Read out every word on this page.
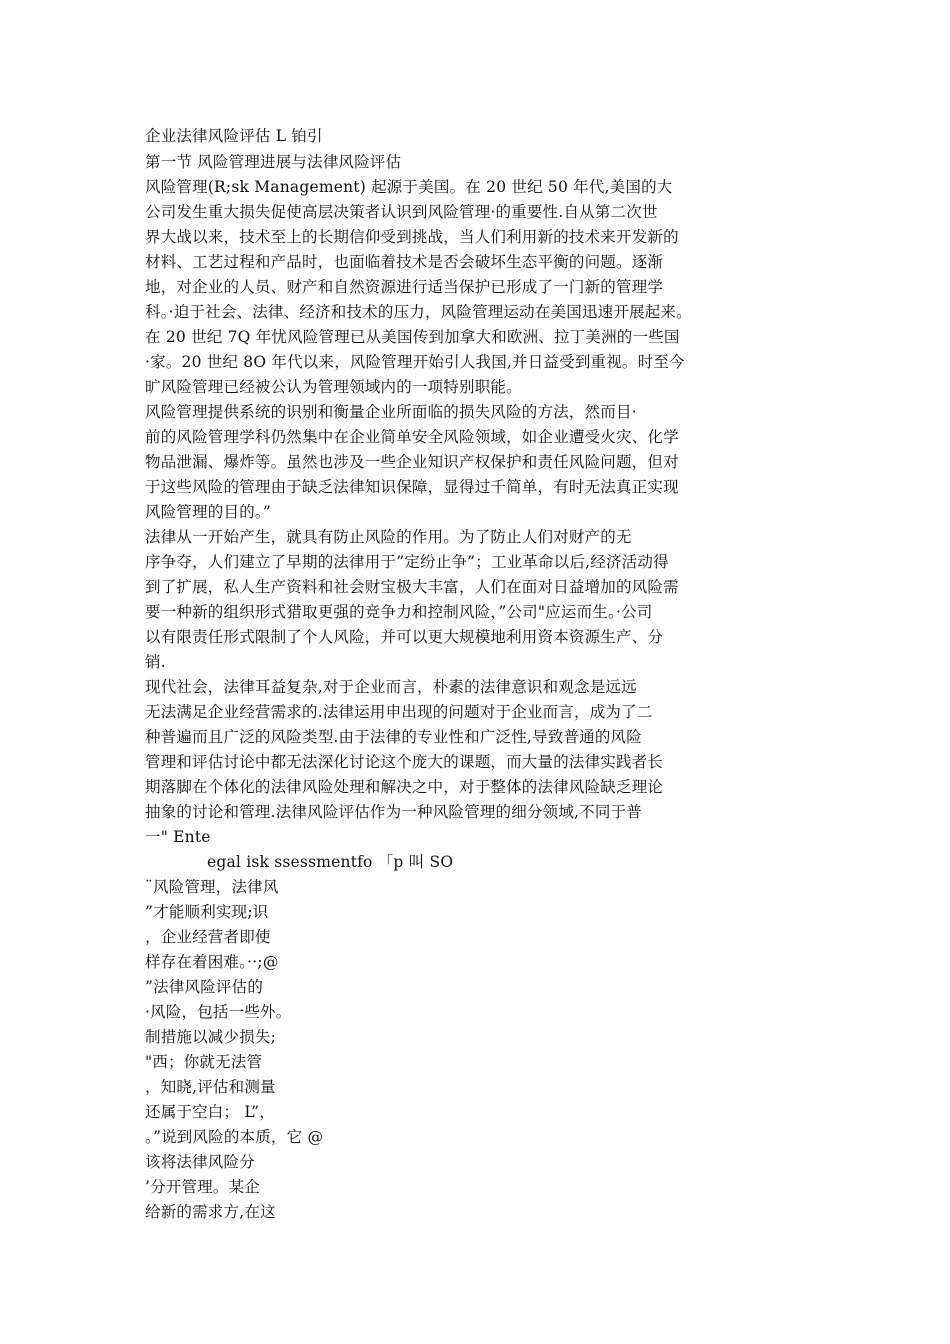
企业法律风险评估 L 铂引
第一节 风险管理进展与法律风险评估
风险管理(R;sk Management) 起源于美国。在 20 世纪 50 年代,美国的大
公司发生重大损失促使高层决策者认识到风险管理·的重要性.自从第二次世
界大战以来，技术至上的长期信仰受到挑战，当人们利用新的技术来开发新的
材料、工艺过程和产品时，也面临着技术是否会破坏生态平衡的问题。逐渐
地，对企业的人员、财产和自然资源进行适当保护已形成了一门新的管理学
科。·迫于社会、法律、经济和技术的压力，风险管理运动在美国迅速开展起来。
在 20 世纪 7Q 年忧风险管理已从美国传到加拿大和欧洲、拉丁美洲的一些国
·家。20 世纪 8O 年代以来，风险管理开始引人我国,并日益受到重视。时至今
旷风险管理已经被公认为管理领域内的一项特别职能。
风险管理提供系统的识别和衡量企业所面临的损失风险的方法，然而目·
前的风险管理学科仍然集中在企业简单安全风险领域，如企业遭受火灾、化学
物品泄漏、爆炸等。虽然也涉及一些企业知识产权保护和责任风险问题，但对
于这些风险的管理由于缺乏法律知识保障，显得过千简单，有时无法真正实现
风险管理的目的。”
法律从一开始产生，就具有防止风险的作用。为了防止人们对财产的无
序争夺，人们建立了早期的法律用于”定纷止争”；工业革命以后,经济活动得
到了扩展，私人生产资料和社会财宝极大丰富，人们在面对日益增加的风险需
要一种新的组织形式猎取更强的竞争力和控制风险，”公司"应运而生。·公司
以有限责任形式限制了个人风险，并可以更大规模地利用资本资源生产、分
销.
现代社会，法律耳益复杂,对于企业而言，朴素的法律意识和观念是远远
无法满足企业经营需求的.法律运用申出现的问题对于企业而言，成为了二
种普遍而且广泛的风险类型.由于法律的专业性和广泛性,导致普通的风险
管理和评估讨论中都无法深化讨论这个庞大的课题，而大量的法律实践者长
期落脚在个体化的法律风险处理和解决之中，对于整体的法律风险缺乏理论
抽象的讨论和管理.法律风险评估作为一种风险管理的细分领域,不同于普
一" Ente
egal isk ssessmentfo 「p 叫 SO
¨风险管理，法律风
”才能顺利实现;识
，企业经营者即使
样存在着困难。··;@
”法律风险评估的
·风险，包括一些外。
制措施以减少损失;
"西；你就无法管
，知晓,评估和测量
还属于空白； L”，
。”说到风险的本质，它 @
该将法律风险分
’分开管理。某企
给新的需求方,在这
